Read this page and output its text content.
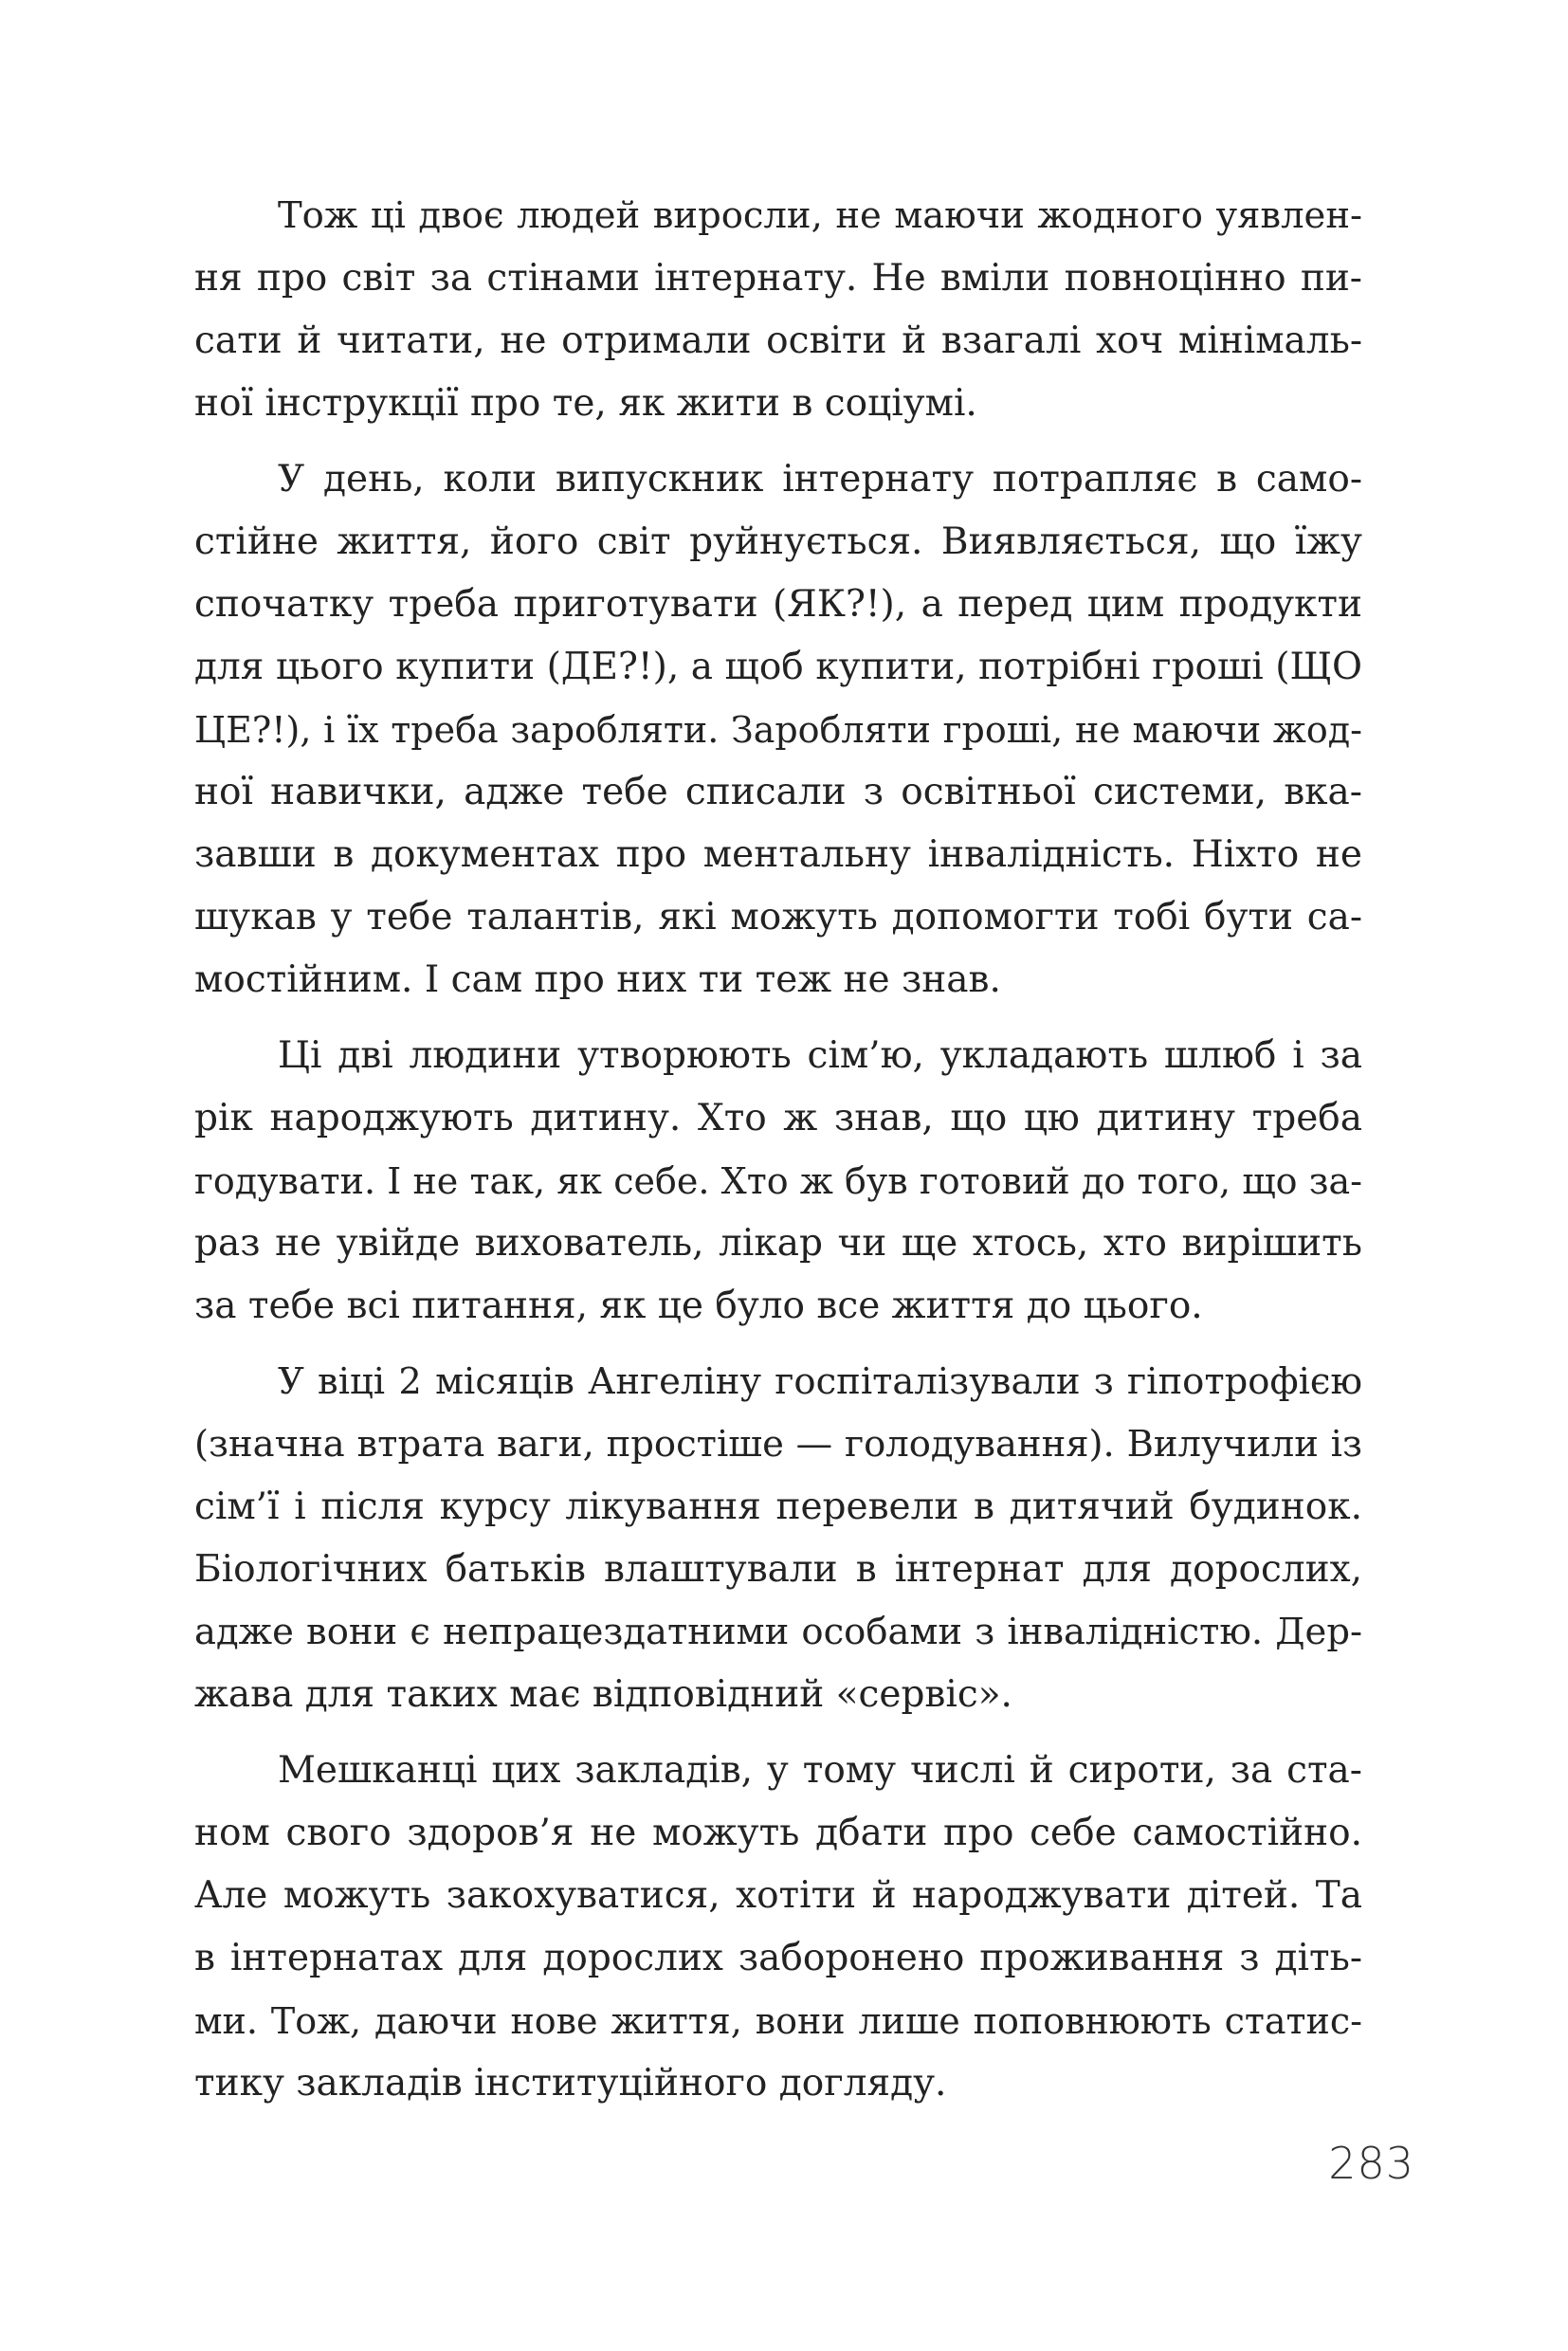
Тож ці двоє людей виросли, не маючи жодного уявлен-
ня про світ за стінами інтернату. Не вміли повноцінно пи-
сати й читати, не отримали освіти й взагалі хоч мінімаль-
ної інструкції про те, як жити в соціумі.
У день, коли випускник інтернату потрапляє в само-
стійне життя, його світ руйнується. Виявляється, що їжу
спочатку треба приготувати (ЯК?!), а перед цим продукти
для цього купити (ДЕ?!), а щоб купити, потрібні гроші (ЩО
ЦЕ?!), і їх треба заробляти. Заробляти гроші, не маючи жод-
ної навички, адже тебе списали з освітньої системи, вка-
завши в документах про ментальну інвалідність. Ніхто не
шукав у тебе талантів, які можуть допомогти тобі бути са-
мостійним. І сам про них ти теж не знав.
Ці дві людини утворюють сім’ю, укладають шлюб і за
рік народжують дитину. Хто ж знав, що цю дитину треба
годувати. І не так, як себе. Хто ж був готовий до того, що за-
раз не увійде вихователь, лікар чи ще хтось, хто вирішить
за тебе всі питання, як це було все життя до цього.
У віці 2 місяців Ангеліну госпіталізували з гіпотрофією
(значна втрата ваги, простіше — голодування). Вилучили із
сім’ї і після курсу лікування перевели в дитячий будинок.
Біологічних батьків влаштували в інтернат для дорослих,
адже вони є непрацездатними особами з інвалідністю. Дер-
жава для таких має відповідний «сервіс».
Мешканці цих закладів, у тому числі й сироти, за ста-
ном свого здоров’я не можуть дбати про себе самостійно.
Але можуть закохуватися, хотіти й народжувати дітей. Та
в інтернатах для дорослих заборонено проживання з діть-
ми. Тож, даючи нове життя, вони лише поповнюють статис-
тику закладів інституційного догляду.
283
